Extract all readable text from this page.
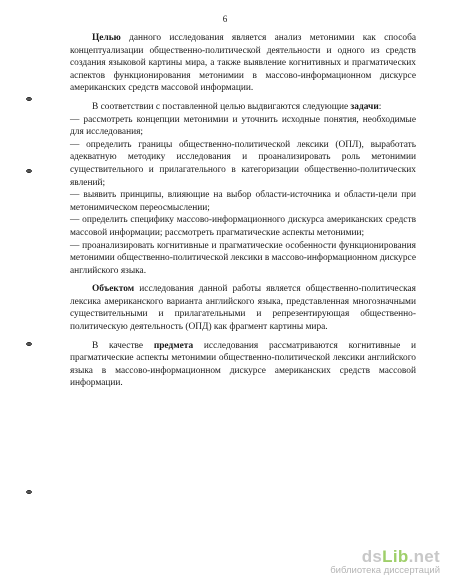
6

Целью данного исследования является анализ метонимии как способа концептуализации общественно-политической деятельности и одного из средств создания языковой картины мира, а также выявление когнитивных и прагматических аспектов функционирования метонимии в массово-информационном дискурсе американских средств массовой информации.

В соответствии с поставленной целью выдвигаются следующие задачи:

— рассмотреть концепции метонимии и уточнить исходные понятия, необходимые для исследования;

— определить границы общественно-политической лексики (ОПЛ), выработать адекватную методику исследования и проанализировать роль метонимии существительного и прилагательного в категоризации общественно-политических явлений;

— выявить принципы, влияющие на выбор области-источника и области-цели при метонимическом переосмыслении;

— определить специфику массово-информационного дискурса американских средств массовой информации; рассмотреть прагматические аспекты метонимии;

— проанализировать когнитивные и прагматические особенности функционирования метонимии общественно-политической лексики в массово-информационном дискурсе английского языка.

Объектом исследования данной работы является общественно-политическая лексика американского варианта английского языка, представленная многозначными существительными и прилагательными и репрезентирующая общественно-политическую деятельность (ОПД) как фрагмент картины мира.

В качестве предмета исследования рассматриваются когнитивные и прагматические аспекты метонимии общественно-политической лексики английского языка в массово-информационном дискурсе американских средств массовой информации.

dsLib.net
библиотека диссертаций
